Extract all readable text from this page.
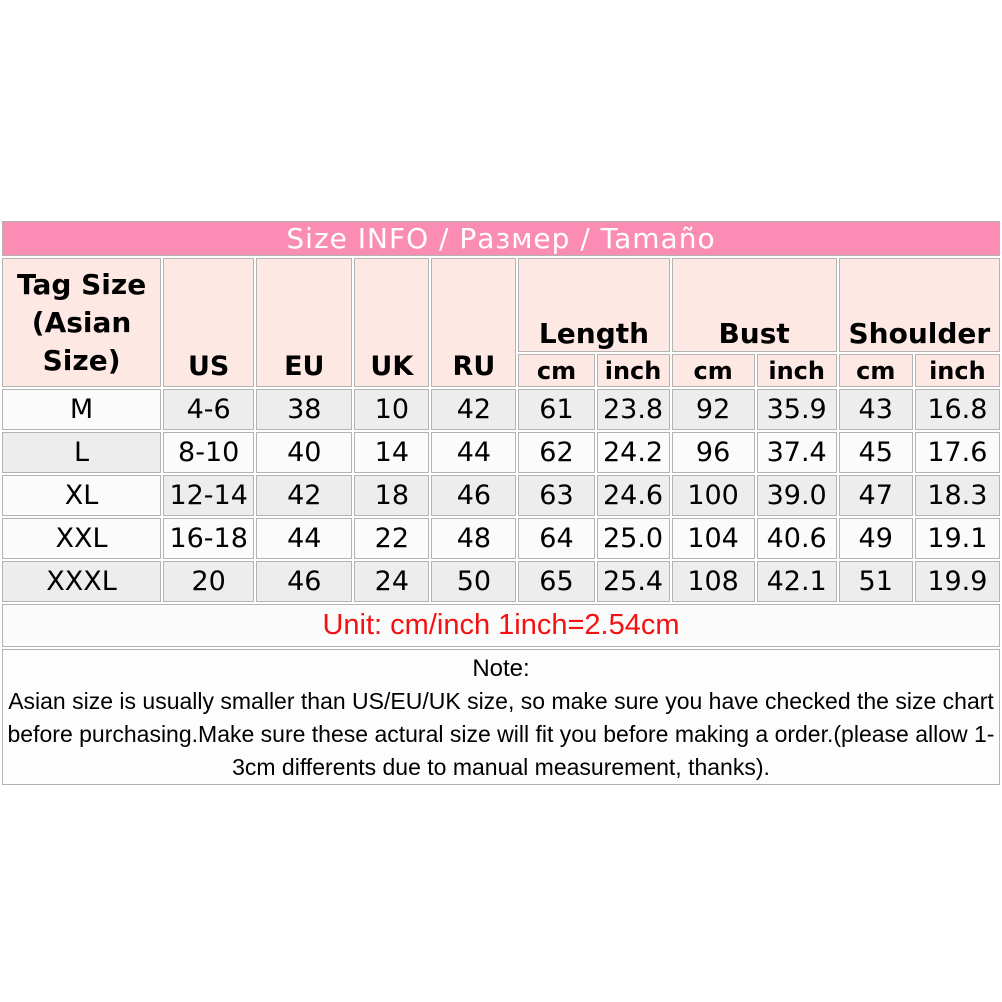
Size INFO / Размер / Tamaño										

Tag Size
(Asian
Size)	US	EU	UK	RU	Length		Bust		Shoulder	
					cm	inch	cm	inch	cm	inch
M	4-6	38	10	42	61	23.8	92	35.9	43	16.8
L	8-10	40	14	44	62	24.2	96	37.4	45	17.6
XL	12-14	42	18	46	63	24.6	100	39.0	47	18.3
XXL	16-18	44	22	48	64	25.0	104	40.6	49	19.1
XXXL	20	46	24	50	65	25.4	108	42.1	51	19.9
Unit: cm/inch 1inch=2.54cm										

Note:
Asian size is usually smaller than US/EU/UK size, so make sure you have checked the size chart before purchasing.Make sure these actural size will fit you before making a order.(please allow 1-3cm differents due to manual measurement, thanks).										
